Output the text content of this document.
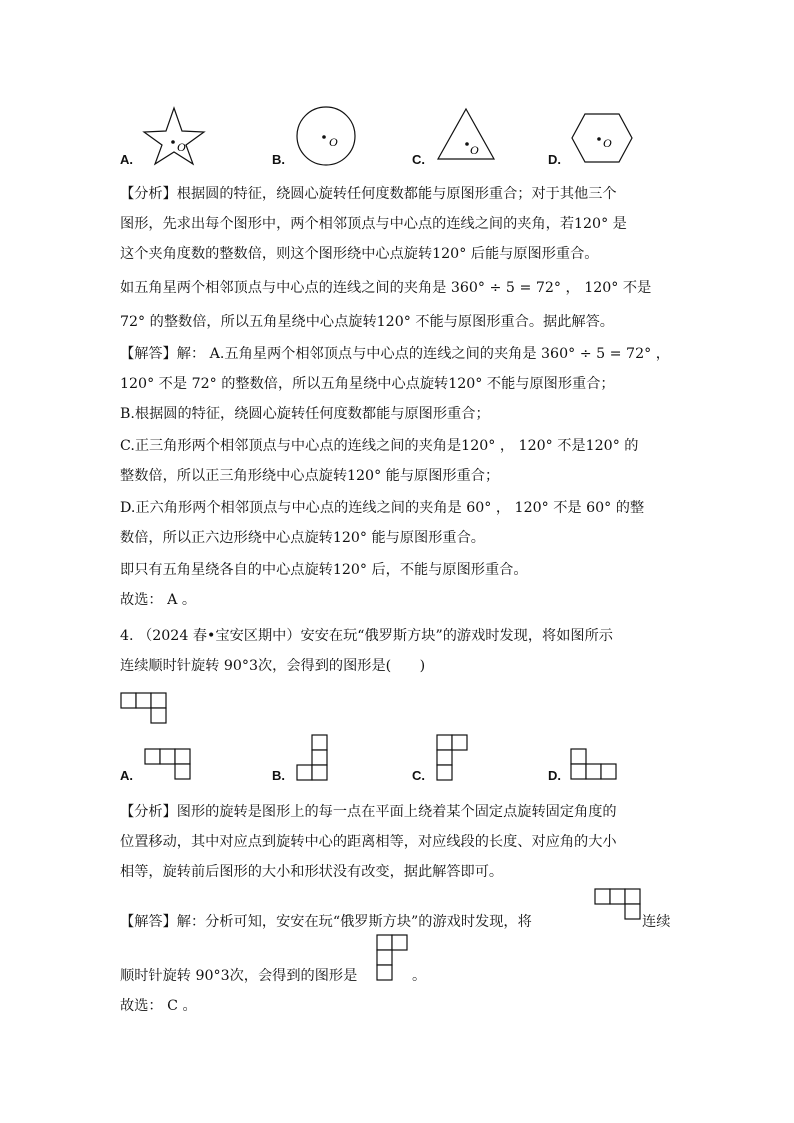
A.
O
B.
O
C.
O
D.
O
【分析】根据圆的特征，绕圆心旋转任何度数都能与原图形重合；对于其他三个
图形，先求出每个图形中，两个相邻顶点与中心点的连线之间的夹角，若120° 是
这个夹角度数的整数倍，则这个图形绕中心点旋转120° 后能与原图形重合。
如五角星两个相邻顶点与中心点的连线之间的夹角是 360° ÷ 5 = 72° ， 120° 不是
72° 的整数倍，所以五角星绕中心点旋转120° 不能与原图形重合。据此解答。
【解答】解： A.五角星两个相邻顶点与中心点的连线之间的夹角是 360° ÷ 5 = 72° ，
120° 不是 72° 的整数倍，所以五角星绕中心点旋转120° 不能与原图形重合；
B.根据圆的特征，绕圆心旋转任何度数都能与原图形重合；
C.正三角形两个相邻顶点与中心点的连线之间的夹角是120° ， 120° 不是120° 的
整数倍，所以正三角形绕中心点旋转120° 能与原图形重合；
D.正六角形两个相邻顶点与中心点的连线之间的夹角是 60° ， 120° 不是 60° 的整
数倍，所以正六边形绕中心点旋转120° 能与原图形重合。
即只有五角星绕各自的中心点旋转120° 后，不能与原图形重合。
故选： A 。
4. （2024 春•宝安区期中）安安在玩“俄罗斯方块”的游戏时发现，将如图所示
连续顺时针旋转 90°3次，会得到的图形是(　　)
A.	B.	C.	D.
【分析】图形的旋转是图形上的每一点在平面上绕着某个固定点旋转固定角度的
位置移动，其中对应点到旋转中心的距离相等，对应线段的长度、对应角的大小
相等，旋转前后图形的大小和形状没有改变，据此解答即可。
【解答】解：分析可知，安安在玩“俄罗斯方块”的游戏时发现，将	连续
顺时针旋转 90°3次，会得到的图形是	。
故选： C 。
